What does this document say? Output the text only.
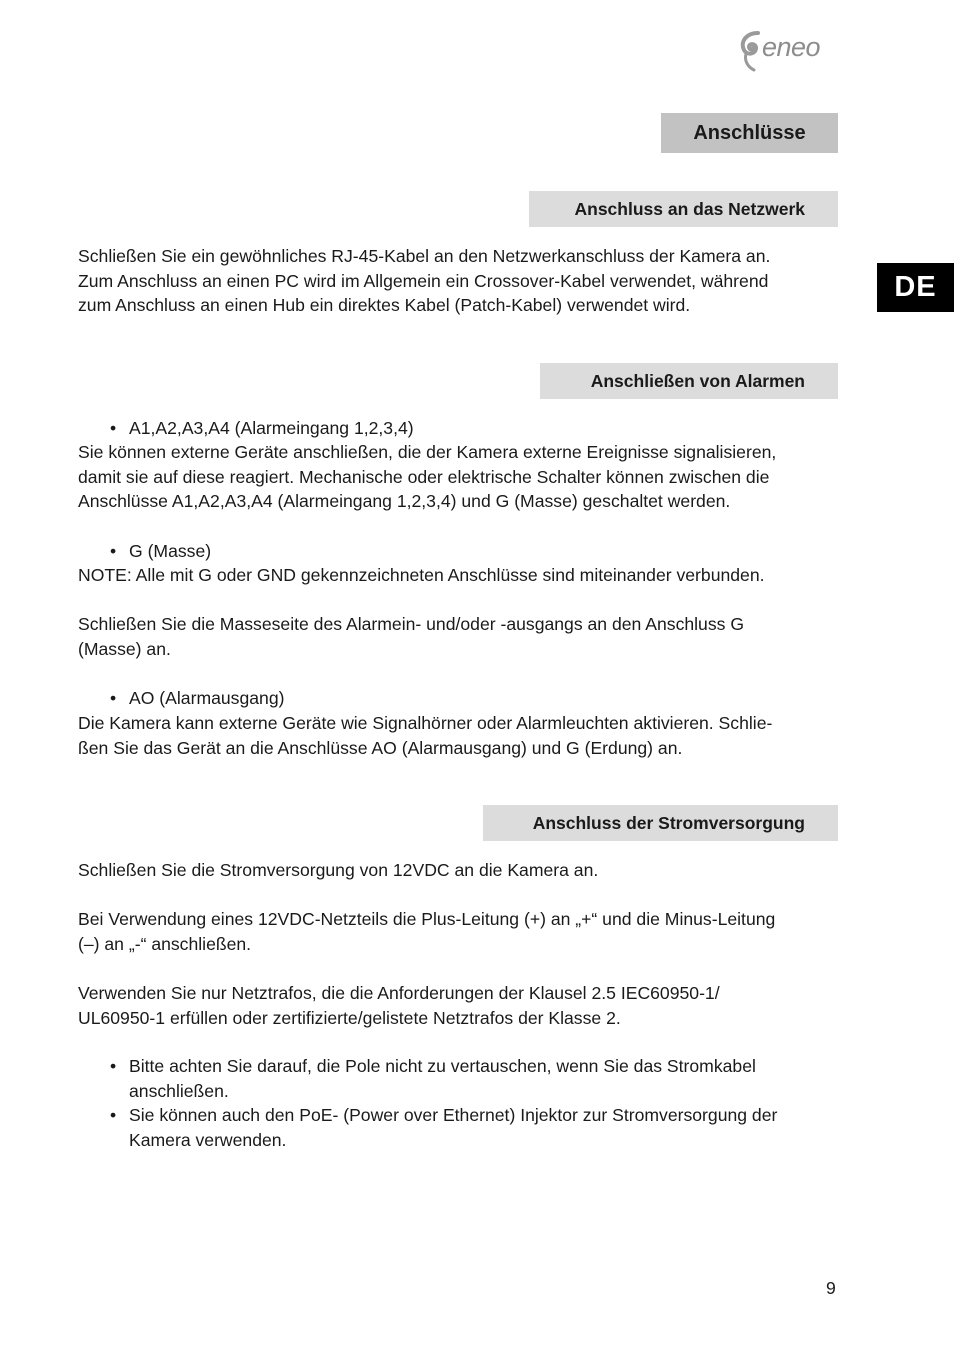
eneo
Anschlüsse
DE
Anschluss an das Netzwerk

Schließen Sie ein gewöhnliches RJ-45-Kabel an den Netzwerkanschluss der Kamera an.
Zum Anschluss an einen PC wird im Allgemein ein Crossover-Kabel verwendet, während
zum Anschluss an einen Hub ein direktes Kabel (Patch-Kabel) verwendet wird.

Anschließen von Alarmen
• A1,A2,A3,A4 (Alarmeingang 1,2,3,4)

Sie können externe Geräte anschließen, die der Kamera externe Ereignisse signalisieren,
damit sie auf diese reagiert. Mechanische oder elektrische Schalter können zwischen die
Anschlüsse A1,A2,A3,A4 (Alarmeingang 1,2,3,4) und G (Masse) geschaltet werden.

• G (Masse)

NOTE: Alle mit G oder GND gekennzeichneten Anschlüsse sind miteinander verbunden.

Schließen Sie die Masseseite des Alarmein- und/oder -ausgangs an den Anschluss G
(Masse) an.

• AO (Alarmausgang)

Die Kamera kann externe Geräte wie Signalhörner oder Alarmleuchten aktivieren. Schlie-
ßen Sie das Gerät an die Anschlüsse AO (Alarmausgang) und G (Erdung) an.

Anschluss der Stromversorgung

Schließen Sie die Stromversorgung von 12VDC an die Kamera an.

Bei Verwendung eines 12VDC-Netzteils die Plus-Leitung (+) an „+“ und die Minus-Leitung
(–) an „-“ anschließen.

Verwenden Sie nur Netztrafos, die die Anforderungen der Klausel 2.5 IEC60950-1/
UL60950-1 erfüllen oder zertifizierte/gelistete Netztrafos der Klasse 2.

• Bitte achten Sie darauf, die Pole nicht zu vertauschen, wenn Sie das Stromkabel
anschließen.
• Sie können auch den PoE- (Power over Ethernet) Injektor zur Stromversorgung der
Kamera verwenden.
9
